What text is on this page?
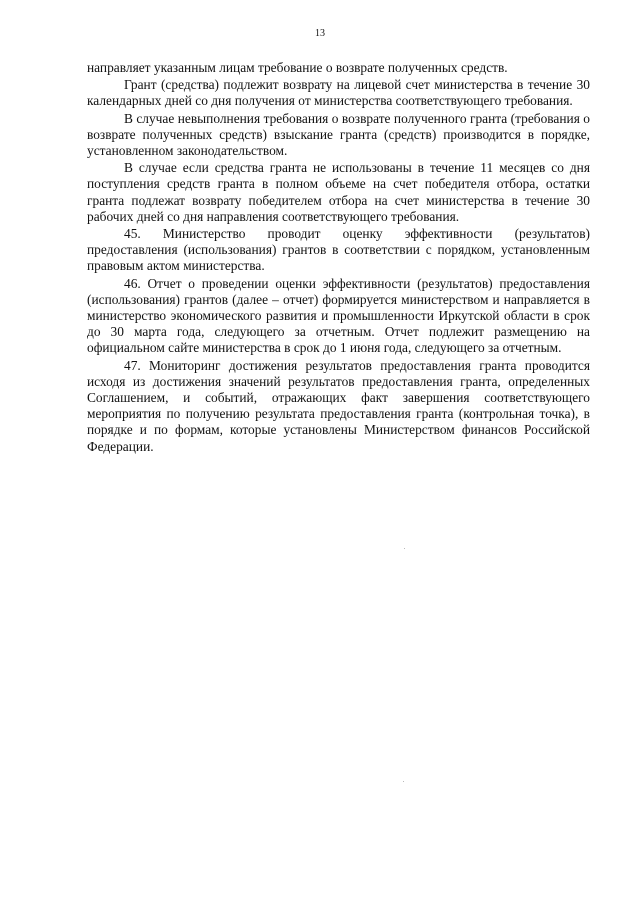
13

направляет указанным лицам требование о возврате полученных средств.

Грант (средства) подлежит возврату на лицевой счет министерства в течение 30 календарных дней со дня получения от министерства соответствующего требования.

В случае невыполнения требования о возврате полученного гранта (требования о возврате полученных средств) взыскание гранта (средств) производится в порядке, установленном законодательством.

В случае если средства гранта не использованы в течение 11 месяцев со дня поступления средств гранта в полном объеме на счет победителя отбора, остатки гранта подлежат возврату победителем отбора на счет министерства в течение 30 рабочих дней со дня направления соответствующего требования.

45. Министерство проводит оценку эффективности (результатов) предоставления (использования) грантов в соответствии с порядком, установленным правовым актом министерства.

46. Отчет о проведении оценки эффективности (результатов) предоставления (использования) грантов (далее – отчет) формируется министерством и направляется в министерство экономического развития и промышленности Иркутской области в срок до 30 марта года, следующего за отчетным. Отчет подлежит размещению на официальном сайте министерства в срок до 1 июня года, следующего за отчетным.

47. Мониторинг достижения результатов предоставления гранта проводится исходя из достижения значений результатов предоставления гранта, определенных Соглашением, и событий, отражающих факт завершения соответствующего мероприятия по получению результата предоставления гранта (контрольная точка), в порядке и по формам, которые установлены Министерством финансов Российской Федерации.
